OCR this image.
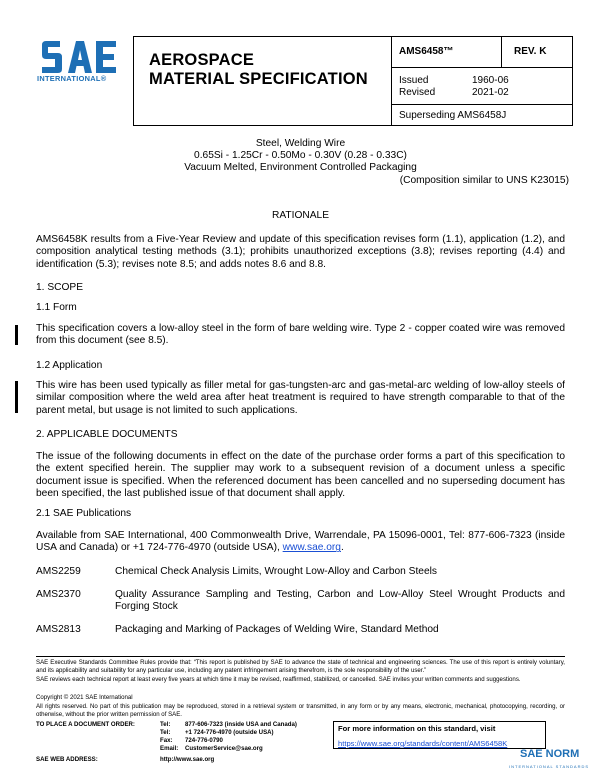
INTERNATIONAL®
AEROSPACE
MATERIAL SPECIFICATION
AMS6458™	REV. K
Issued	1960-06
Revised	2021-02
Superseding AMS6458J
Steel, Welding Wire
0.65Si - 1.25Cr - 0.50Mo - 0.30V (0.28 - 0.33C)
Vacuum Melted, Environment Controlled Packaging
(Composition similar to UNS K23015)
RATIONALE
AMS6458K results from a Five-Year Review and update of this specification revises form (1.1), application (1.2), and composition analytical testing methods (3.1); prohibits unauthorized exceptions (3.8); revises reporting (4.4) and identification (5.3); revises note 8.5; and adds notes 8.6 and 8.8.
1. SCOPE
1.1 Form
This specification covers a low-alloy steel in the form of bare welding wire. Type 2 - copper coated wire was removed from this document (see 8.5).
1.2 Application
This wire has been used typically as filler metal for gas-tungsten-arc and gas-metal-arc welding of low-alloy steels of similar composition where the weld area after heat treatment is required to have strength comparable to that of the parent metal, but usage is not limited to such applications.
2. APPLICABLE DOCUMENTS
The issue of the following documents in effect on the date of the purchase order forms a part of this specification to the extent specified herein. The supplier may work to a subsequent revision of a document unless a specific document issue is specified. When the referenced document has been cancelled and no superseding document has been specified, the last published issue of that document shall apply.
2.1 SAE Publications
Available from SAE International, 400 Commonwealth Drive, Warrendale, PA 15096-0001, Tel: 877-606-7323 (inside USA and Canada) or +1 724-776-4970 (outside USA), www.sae.org.
AMS2259	Chemical Check Analysis Limits, Wrought Low-Alloy and Carbon Steels
AMS2370	Quality Assurance Sampling and Testing, Carbon and Low-Alloy Steel Wrought Products and Forging Stock
AMS2813	Packaging and Marking of Packages of Welding Wire, Standard Method
SAE Executive Standards Committee Rules provide that: “This report is published by SAE to advance the state of technical and engineering sciences. The use of this report is entirely voluntary, and its applicability and suitability for any particular use, including any patent infringement arising therefrom, is the sole responsibility of the user.”
SAE reviews each technical report at least every five years at which time it may be revised, reaffirmed, stabilized, or cancelled. SAE invites your written comments and suggestions.
Copyright © 2021 SAE International
All rights reserved. No part of this publication may be reproduced, stored in a retrieval system or transmitted, in any form or by any means, electronic, mechanical, photocopying, recording, or otherwise, without the prior written permission of SAE.
TO PLACE A DOCUMENT ORDER:	Tel: 877-606-7323 (inside USA and Canada)
Tel: +1 724-776-4970 (outside USA)
Fax: 724-776-0790
Email: CustomerService@sae.org
SAE WEB ADDRESS:	http://www.sae.org
For more information on this standard, visit
https://www.sae.org/standards/content/AMS6458K
SAE NORM
INTERNATIONAL STANDARDS
